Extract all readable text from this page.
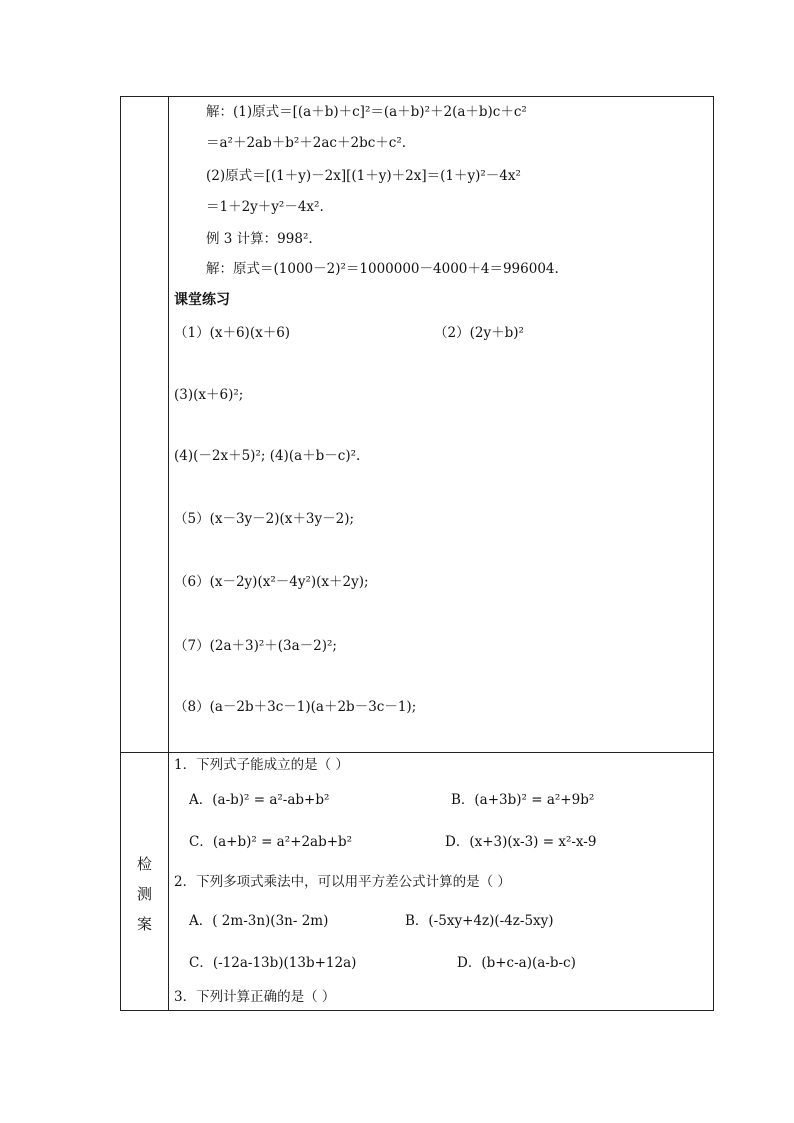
检
测
案
解：(1)原式＝[(a＋b)＋c]²＝(a＋b)²＋2(a＋b)c＋c²
＝a²＋2ab＋b²＋2ac＋2bc＋c².
(2)原式＝[(1＋y)－2x][(1＋y)＋2x]＝(1＋y)²－4x²
＝1＋2y＋y²－4x².
例 3 计算：998².
解：原式＝(1000－2)²＝1000000－4000＋4＝996004.
课堂练习
（1）(x＋6)(x＋6)	（2）(2y＋b)²
(3)(x＋6)²;
(4)(－2x＋5)²; (4)(a＋b－c)².
（5）(x－3y－2)(x＋3y－2);
（6）(x－2y)(x²－4y²)(x＋2y);
（7）(2a＋3)²＋(3a－2)²;
（8）(a－2b＋3c－1)(a＋2b－3c－1);
1．下列式子能成立的是（ ）
A．(a-b)² = a²-ab+b²	B．(a+3b)² = a²+9b²
C．(a+b)² = a²+2ab+b²	D．(x+3)(x-3) = x²-x-9
2．下列多项式乘法中，可以用平方差公式计算的是（ ）
A．( 2m-3n)(3n- 2m)	B．(-5xy+4z)(-4z-5xy)
C．(-12a-13b)(13b+12a)	D．(b+c-a)(a-b-c)
3．下列计算正确的是（ ）
